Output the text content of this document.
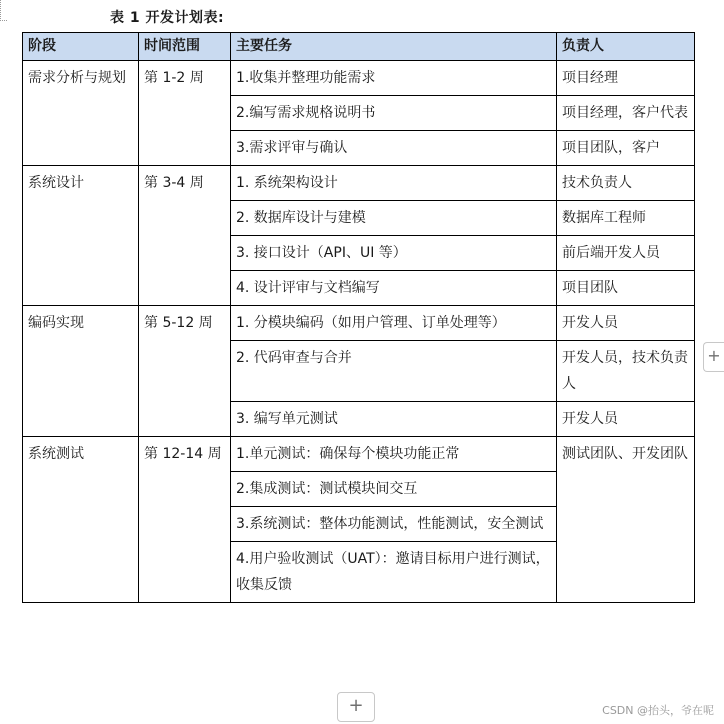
表 1 开发计划表:
阶段	时间范围	主要任务	负责人
需求分析与规划	第 1-2 周	1.收集并整理功能需求	项目经理
		2.编写需求规格说明书	项目经理，客户代表
		3.需求评审与确认	项目团队，客户
系统设计	第 3-4 周	1. 系统架构设计	技术负责人
		2. 数据库设计与建模	数据库工程师
		3. 接口设计（API、UI 等）	前后端开发人员
		4. 设计评审与文档编写	项目团队
编码实现	第 5-12 周	1. 分模块编码（如用户管理、订单处理等）	开发人员
		2. 代码审查与合并	开发人员，技术负责人
		3. 编写单元测试	开发人员
系统测试	第 12-14 周	1.单元测试：确保每个模块功能正常	测试团队、开发团队
		2.集成测试：测试模块间交互	
		3.系统测试：整体功能测试，性能测试，安全测试	
		4.用户验收测试（UAT）：邀请目标用户进行测试，收集反馈	
+
+	CSDN @抬头，爷在呢
